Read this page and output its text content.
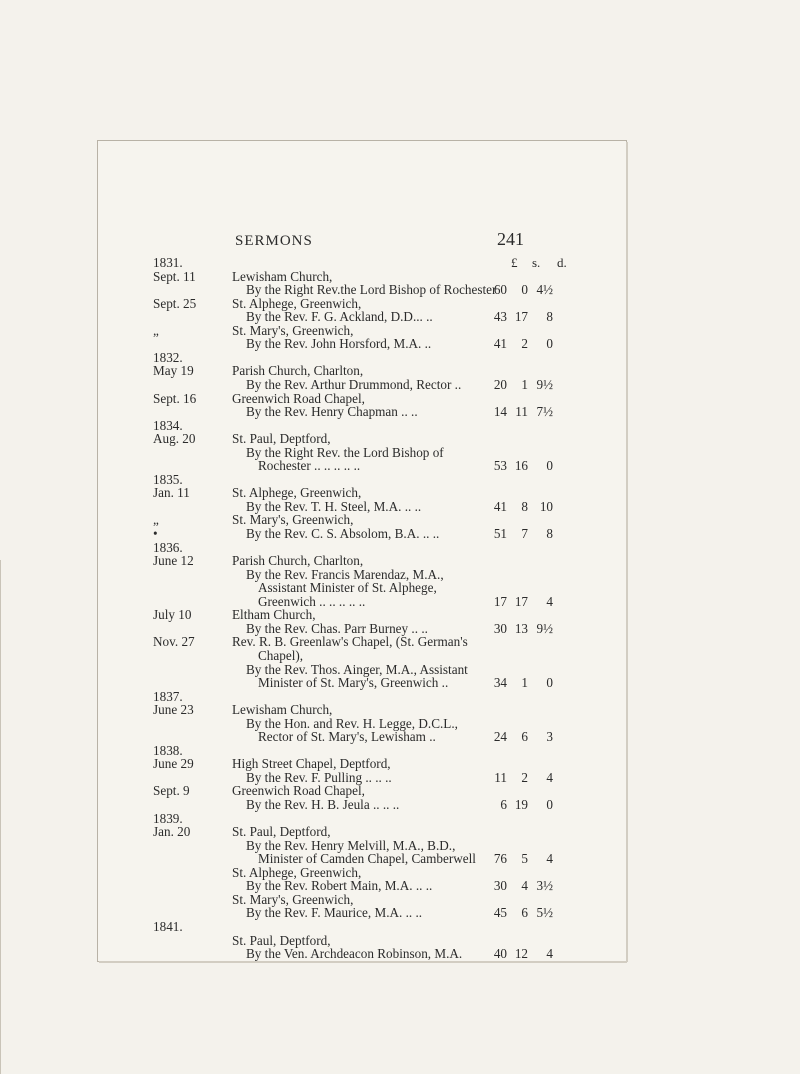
SERMONS	241
£ s. d.
1831.
Sept. 11	Lewisham Church,
By the Right Rev.the Lord Bishop of Rochester
60	0 4½
Sept. 25	St. Alphege, Greenwich,
By the Rev. F. G. Ackland, D.D... ..	43 17	8
„	St. Mary's, Greenwich,
By the Rev. John Horsford, M.A. ..	41	2	0
1832.
May 19	Parish Church, Charlton,
By the Rev. Arthur Drummond, Rector ..	20	1 9½
Sept. 16	Greenwich Road Chapel,
By the Rev. Henry Chapman .. ..	14 11 7½
1834.
Aug. 20	St. Paul, Deptford,
By the Right Rev. the Lord Bishop of
Rochester .. .. .. .. ..	53 16	0
1835.
Jan. 11	St. Alphege, Greenwich,
By the Rev. T. H. Steel, M.A. .. ..	41	8 10
„	St. Mary's, Greenwich,
•	By the Rev. C. S. Absolom, B.A. .. ..	51	7	8
1836.
June 12	Parish Church, Charlton,
By the Rev. Francis Marendaz, M.A.,
Assistant Minister of St. Alphege,
Greenwich .. .. .. .. ..	17 17	4
July 10	Eltham Church,
By the Rev. Chas. Parr Burney .. ..	30 13 9½
Nov. 27	Rev. R. B. Greenlaw's Chapel, (St. German's
Chapel),
By the Rev. Thos. Ainger, M.A., Assistant
Minister of St. Mary's, Greenwich ..	34	1	0
1837.
June 23	Lewisham Church,
By the Hon. and Rev. H. Legge, D.C.L.,
Rector of St. Mary's, Lewisham ..	24	6	3
1838.
June 29	High Street Chapel, Deptford,
By the Rev. F. Pulling .. .. ..	11	2	4
Sept. 9	Greenwich Road Chapel,
By the Rev. H. B. Jeula .. .. ..	6 19	0
1839.
Jan. 20	St. Paul, Deptford,
By the Rev. Henry Melvill, M.A., B.D.,
Minister of Camden Chapel, Camberwell	76	5	4
St. Alphege, Greenwich,
By the Rev. Robert Main, M.A. .. ..	30	4 3½
St. Mary's, Greenwich,
By the Rev. F. Maurice, M.A. .. ..	45	6 5½
1841.
St. Paul, Deptford,
By the Ven. Archdeacon Robinson, M.A.	40 12	4
